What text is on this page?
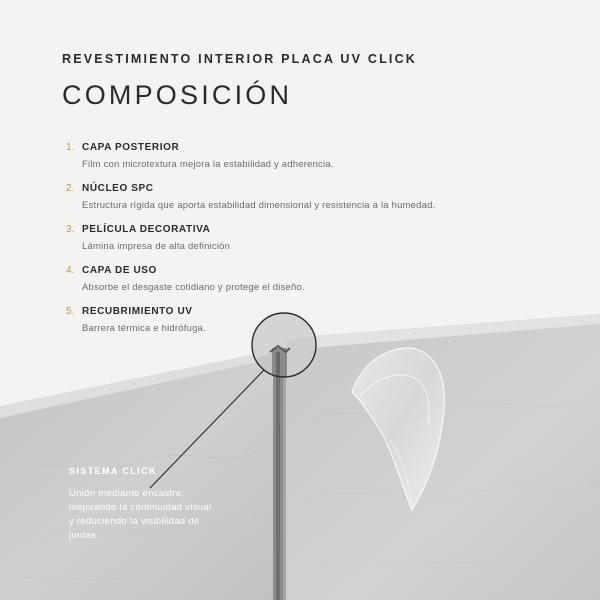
REVESTIMIENTO INTERIOR PLACA UV CLICK

COMPOSICIÓN
1. CAPA POSTERIOR
Film con microtextura mejora la estabilidad y adherencia.
2. NÚCLEO SPC
Estructura rígida que aporta estabilidad dimensional y resistencia a la humedad.
3. PELÍCULA DECORATIVA
Lámina impresa de alta definición
4. CAPA DE USO
Absorbe el desgaste cotidiano y protege el diseño.
5. RECUBRIMIENTO UV
Barrera térmica e hidrófuga.
SISTEMA CLICK
Unión mediante encastre, mejorando la continuidad visual y reduciendo la visibilidad de juntas.
